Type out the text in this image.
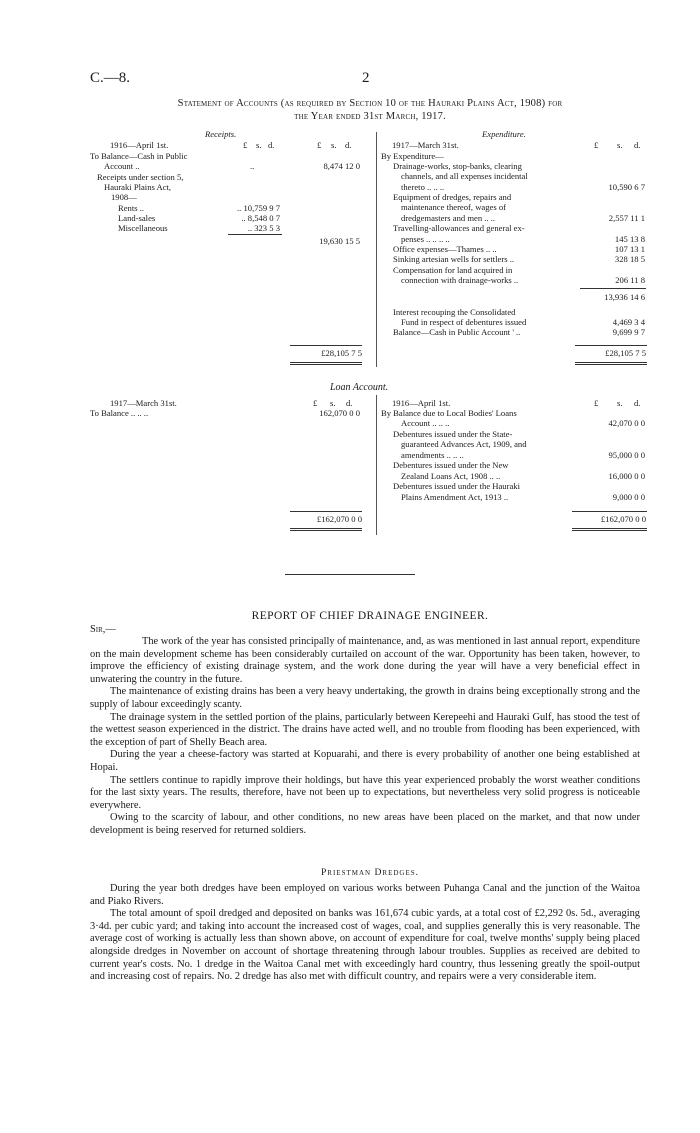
C.—8.	2
Statement of Accounts (as required by Section 10 of the Hauraki Plains Act, 1908) for
the Year ended 31st March, 1917.
Receipts.
1916—April 1st.	£ s. d.	£ s. d.
To Balance—Cash in Public
Account ..	..	8,474 12 0
Receipts under section 5,
Hauraki Plains Act,
1908—
Rents ..	.. 10,759 9 7
Land-sales	.. 8,548 0 7
Miscellaneous	.. 323 5 3
19,630 15 5
£28,105 7 5
Expenditure.
1917—March 31st.	£ s. d.
By Expenditure—
Drainage-works, stop-banks, clearing
channels, and all expenses incidental
thereto .. .. ..	10,590 6 7
Equipment of dredges, repairs and
maintenance thereof, wages of
dredgemasters and men .. ..	2,557 11 1
Travelling-allowances and general ex-
penses .. .. .. ..	145 13 8
Office expenses—Thames .. ..	107 13 1
Sinking artesian wells for settlers ..	328 18 5
Compensation for land acquired in
connection with drainage-works ..	206 11 8
13,936 14 6
Interest recouping the Consolidated
Fund in respect of debentures issued	4,469 3 4
Balance—Cash in Public Account ' ..	9,699 9 7
£28,105 7 5
Loan Account.
1917—March 31st.	£ s. d.
To Balance .. .. ..	162,070 0 0
£162,070 0 0
1916—April 1st.	£ s. d.
By Balance due to Local Bodies' Loans
Account .. .. ..	42,070 0 0
Debentures issued under the State-
guaranteed Advances Act, 1909, and
amendments .. .. ..	95,000 0 0
Debentures issued under the New
Zealand Loans Act, 1908 .. ..	16,000 0 0
Debentures issued under the Hauraki
Plains Amendment Act, 1913 ..	9,000 0 0
£162,070 0 0
REPORT OF CHIEF DRAINAGE ENGINEER.
Sir,—

The work of the year has consisted principally of maintenance, and, as was mentioned in last annual report, expenditure on the main development scheme has been considerably curtailed on account of the war. Opportunity has been taken, however, to improve the efficiency of existing drainage system, and the work done during the year will have a very beneficial effect in unwatering the country in the future.

The maintenance of existing drains has been a very heavy undertaking, the growth in drains being exceptionally strong and the supply of labour exceedingly scanty.

The drainage system in the settled portion of the plains, particularly between Kerepeehi and Hauraki Gulf, has stood the test of the wettest season experienced in the district. The drains have acted well, and no trouble from flooding has been experienced, with the exception of part of Shelly Beach area.

During the year a cheese-factory was started at Kopuarahi, and there is every probability of another one being established at Hopai.

The settlers continue to rapidly improve their holdings, but have this year experienced probably the worst weather conditions for the last sixty years. The results, therefore, have not been up to expectations, but nevertheless very solid progress is noticeable everywhere.

Owing to the scarcity of labour, and other conditions, no new areas have been placed on the market, and that now under development is being reserved for returned soldiers.

Priestman Dredges.

During the year both dredges have been employed on various works between Puhanga Canal and the junction of the Waitoa and Piako Rivers.

The total amount of spoil dredged and deposited on banks was 161,674 cubic yards, at a total cost of £2,292 0s. 5d., averaging 3·4d. per cubic yard; and taking into account the increased cost of wages, coal, and supplies generally this is very reasonable. The average cost of working is actually less than shown above, on account of expenditure for coal, twelve months' supply being placed alongside dredges in November on account of shortage threatening through labour troubles. Supplies as received are debited to current year's costs. No. 1 dredge in the Waitoa Canal met with exceedingly hard country, thus lessening greatly the spoil-output and increasing cost of repairs. No. 2 dredge has also met with difficult country, and repairs were a very considerable item.
